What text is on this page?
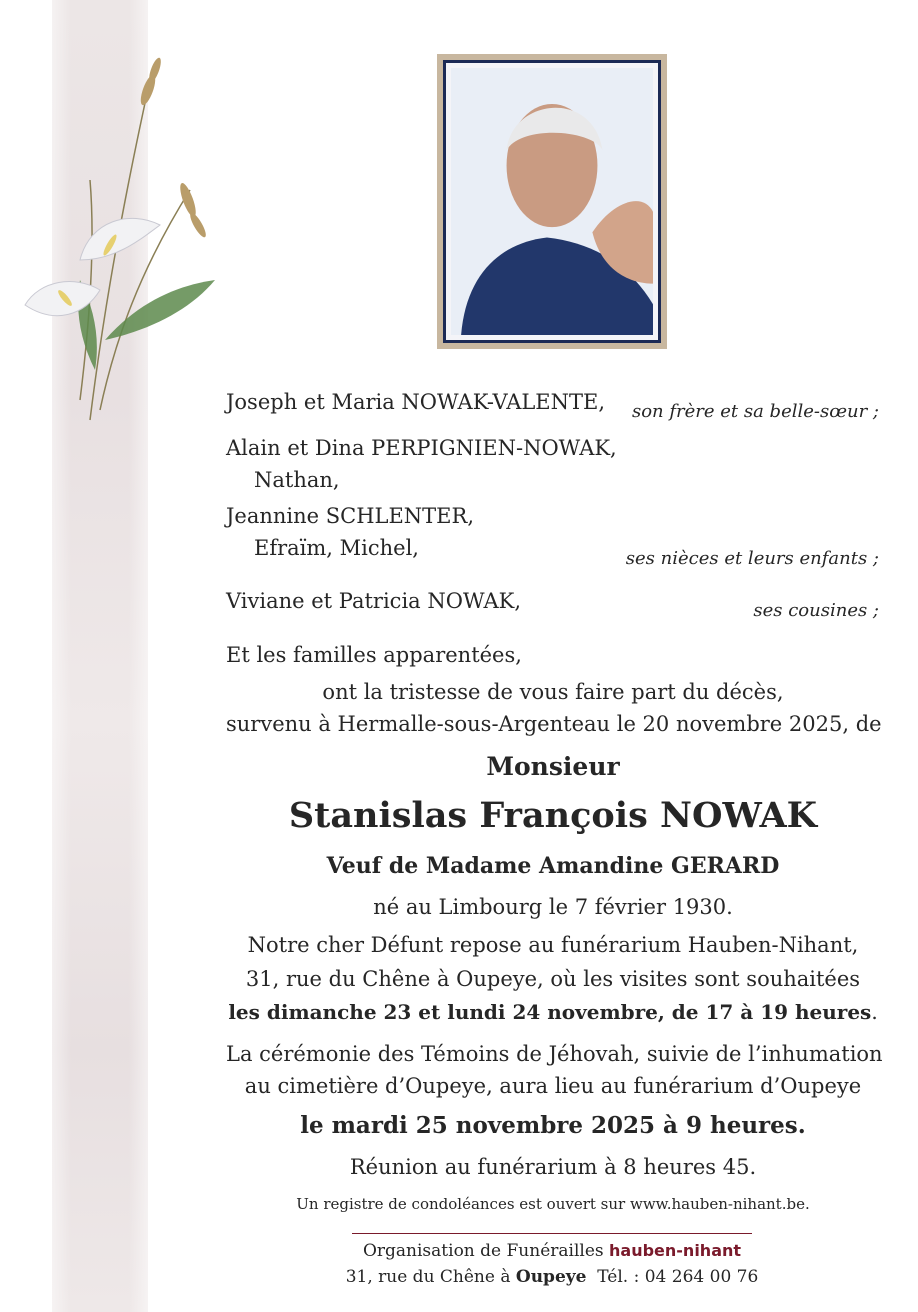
Joseph et Maria NOWAK-VALENTE, son frère et sa belle-sœur ;
Alain et Dina PERPIGNIEN-NOWAK,
Nathan,
Jeannine SCHLENTER,
Efraïm, Michel,	ses nièces et leurs enfants ;
Viviane et Patricia NOWAK,	ses cousines ;
Et les familles apparentées,
ont la tristesse de vous faire part du décès,
survenu à Hermalle-sous-Argenteau le 20 novembre 2025, de
Monsieur
Stanislas François NOWAK
Veuf de Madame Amandine GERARD
né au Limbourg le 7 février 1930.
Notre cher Défunt repose au funérarium Hauben-Nihant,
31, rue du Chêne à Oupeye, où les visites sont souhaitées
les dimanche 23 et lundi 24 novembre, de 17 à 19 heures.
La cérémonie des Témoins de Jéhovah, suivie de l’inhumation
au cimetière d’Oupeye, aura lieu au funérarium d’Oupeye
le mardi 25 novembre 2025 à 9 heures.
Réunion au funérarium à 8 heures 45.
Un registre de condoléances est ouvert sur www.hauben-nihant.be.
Organisation de Funérailles hauben-nihant
31, rue du Chêne à Oupeye Tél. : 04 264 00 76
